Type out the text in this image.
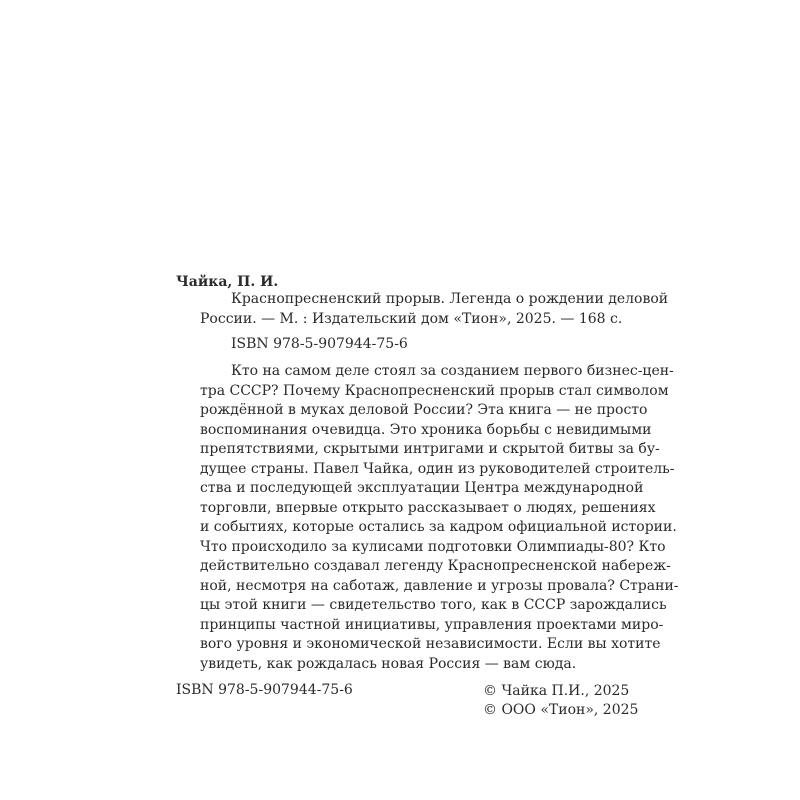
Чайка, П. И.
Краснопресненский прорыв. Легенда о рождении деловой
России. — М. : Издательский дом «Тион», 2025. — 168 с.
ISBN 978-5-907944-75-6
Кто на самом деле стоял за созданием первого бизнес-цен-
тра СССР? Почему Краснопресненский прорыв стал символом
рождённой в муках деловой России? Эта книга — не просто
воспоминания очевидца. Это хроника борьбы с невидимыми
препятствиями, скрытыми интригами и скрытой битвы за бу-
дущее страны. Павел Чайка, один из руководителей строитель-
ства и последующей эксплуатации Центра международной
торговли, впервые открыто рассказывает о людях, решениях
и событиях, которые остались за кадром официальной истории.
Что происходило за кулисами подготовки Олимпиады-80? Кто
действительно создавал легенду Краснопресненской набереж-
ной, несмотря на саботаж, давление и угрозы провала? Страни-
цы этой книги — свидетельство того, как в СССР зарождались
принципы частной инициативы, управления проектами миро-
вого уровня и экономической независимости. Если вы хотите
увидеть, как рождалась новая Россия — вам сюда.
ISBN 978-5-907944-75-6	© Чайка П.И., 2025
© ООО «Тион», 2025
